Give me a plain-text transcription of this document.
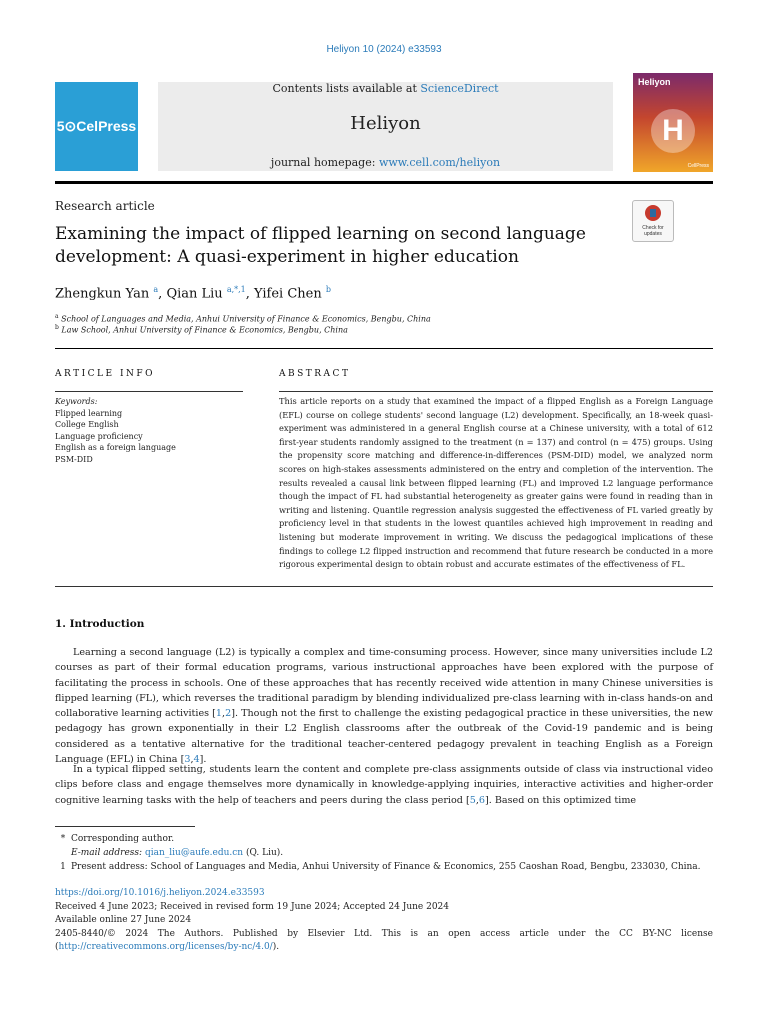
Heliyon 10 (2024) e33593
5⊙CelPress
Contents lists available at ScienceDirect
Heliyon
journal homepage: www.cell.com/heliyon
Heliyon
H
CellPress
Research article
Check for updates
Examining the impact of flipped learning on second language development: A quasi-experiment in higher education
Zhengkun Yan $^a$, Qian Liu $^{a,*,1}$, Yifei Chen $^b$
$^a$ School of Languages and Media, Anhui University of Finance & Economics, Bengbu, China
$^b$ Law School, Anhui University of Finance & Economics, Bengbu, China
ARTICLE INFO	ABSTRACT
Keywords:
Flipped learning
College English
Language proficiency
English as a foreign language
PSM-DID
This article reports on a study that examined the impact of a flipped English as a Foreign Language (EFL) course on college students' second language (L2) development. Specifically, an 18-week quasi-experiment was administered in a general English course at a Chinese university, with a total of 612 first-year students randomly assigned to the treatment (n = 137) and control (n = 475) groups. Using the propensity score matching and difference-in-differences (PSM-DID) model, we analyzed norm scores on high-stakes assessments administered on the entry and completion of the intervention. The results revealed a causal link between flipped learning (FL) and improved L2 language performance though the impact of FL had substantial heterogeneity as greater gains were found in reading than in writing and listening. Quantile regression analysis suggested the effectiveness of FL varied greatly by proficiency level in that students in the lowest quantiles achieved high improvement in reading and listening but moderate improvement in writing. We discuss the pedagogical implications of these findings to college L2 flipped instruction and recommend that future research be conducted in a more rigorous experimental design to obtain robust and accurate estimates of the effectiveness of FL.
1. Introduction
Learning a second language (L2) is typically a complex and time-consuming process. However, since many universities include L2 courses as part of their formal education programs, various instructional approaches have been explored with the purpose of facilitating the process in schools. One of these approaches that has recently received wide attention in many Chinese universities is flipped learning (FL), which reverses the traditional paradigm by blending individualized pre-class learning with in-class hands-on and collaborative learning activities [1,2]. Though not the first to challenge the existing pedagogical practice in these universities, the new pedagogy has grown exponentially in their L2 English classrooms after the outbreak of the Covid-19 pandemic and is being considered as a tentative alternative for the traditional teacher-centered pedagogy prevalent in teaching English as a Foreign Language (EFL) in China [3,4].
In a typical flipped setting, students learn the content and complete pre-class assignments outside of class via instructional video clips before class and engage themselves more dynamically in knowledge-applying inquiries, interactive activities and higher-order cognitive learning tasks with the help of teachers and peers during the class period [5,6]. Based on this optimized time
* Corresponding author.
E-mail address: qian_liu@aufe.edu.cn (Q. Liu).
1 Present address: School of Languages and Media, Anhui University of Finance & Economics, 255 Caoshan Road, Bengbu, 233030, China.
https://doi.org/10.1016/j.heliyon.2024.e33593
Received 4 June 2023; Received in revised form 19 June 2024; Accepted 24 June 2024
Available online 27 June 2024
2405-8440/© 2024 The Authors. Published by Elsevier Ltd. This is an open access article under the CC BY-NC license (http://creativecommons.org/licenses/by-nc/4.0/).
